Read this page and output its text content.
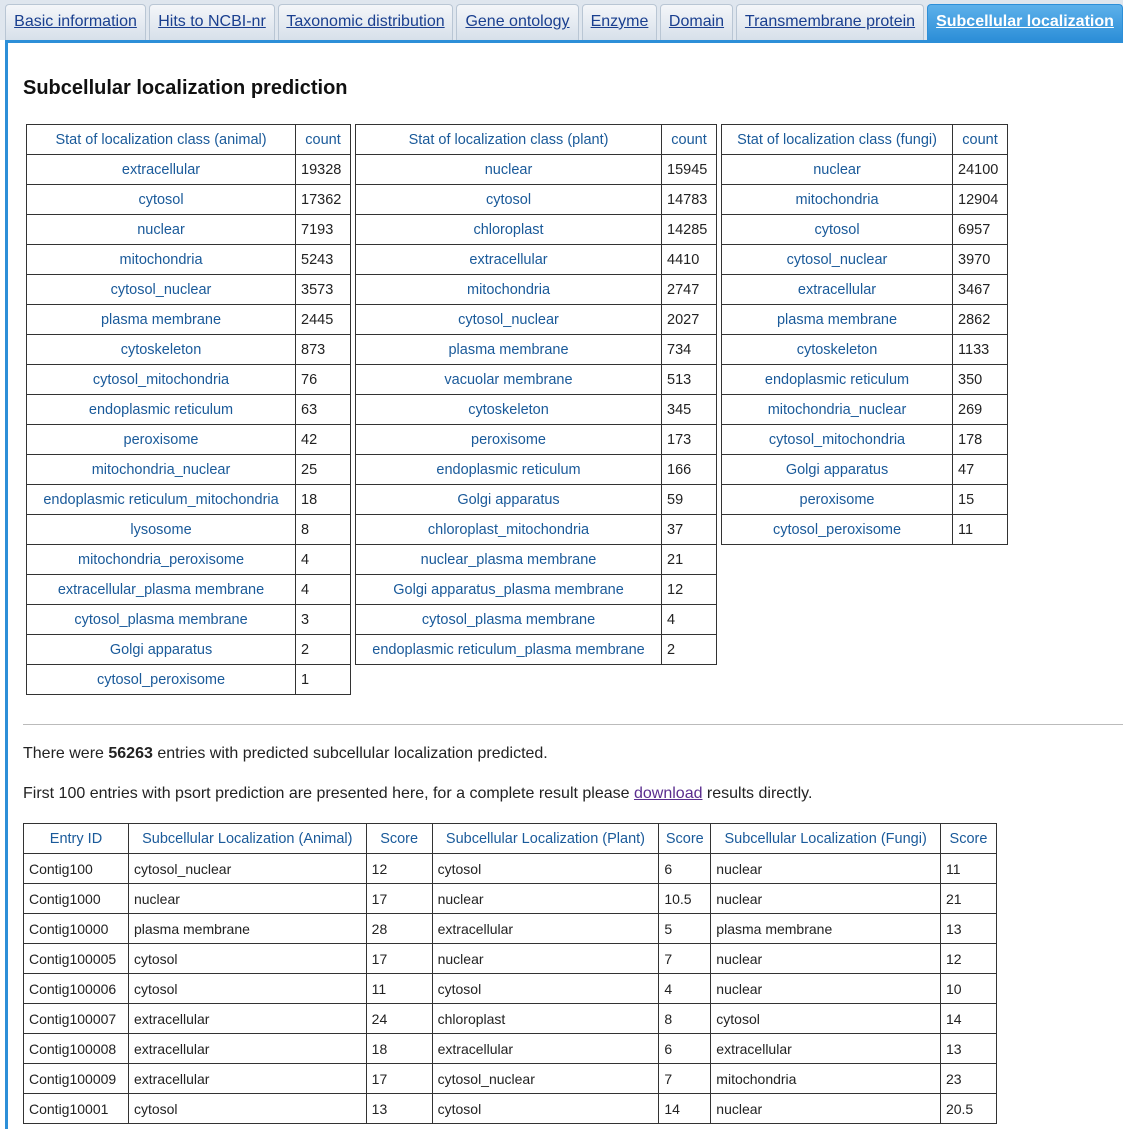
Basic information	Hits to NCBI-nr	Taxonomic distribution	Gene ontology	Enzyme	Domain	Transmembrane protein	Subcellular localization
Subcellular localization prediction
Stat of localization class (animal)	count
extracellular	19328
cytosol	17362
nuclear	7193
mitochondria	5243
cytosol_nuclear	3573
plasma membrane	2445
cytoskeleton	873
cytosol_mitochondria	76
endoplasmic reticulum	63
peroxisome	42
mitochondria_nuclear	25
endoplasmic reticulum_mitochondria	18
lysosome	8
mitochondria_peroxisome	4
extracellular_plasma membrane	4
cytosol_plasma membrane	3
Golgi apparatus	2
cytosol_peroxisome	1
Stat of localization class (plant)	count
nuclear	15945
cytosol	14783
chloroplast	14285
extracellular	4410
mitochondria	2747
cytosol_nuclear	2027
plasma membrane	734
vacuolar membrane	513
cytoskeleton	345
peroxisome	173
endoplasmic reticulum	166
Golgi apparatus	59
chloroplast_mitochondria	37
nuclear_plasma membrane	21
Golgi apparatus_plasma membrane	12
cytosol_plasma membrane	4
endoplasmic reticulum_plasma membrane	2
Stat of localization class (fungi)	count
nuclear	24100
mitochondria	12904
cytosol	6957
cytosol_nuclear	3970
extracellular	3467
plasma membrane	2862
cytoskeleton	1133
endoplasmic reticulum	350
mitochondria_nuclear	269
cytosol_mitochondria	178
Golgi apparatus	47
peroxisome	15
cytosol_peroxisome	11
There were 56263 entries with predicted subcellular localization predicted.
First 100 entries with psort prediction are presented here, for a complete result please download results directly.
Entry ID	Subcellular Localization (Animal)	Score	Subcellular Localization (Plant)	Score	Subcellular Localization (Fungi)	Score
Contig100	cytosol_nuclear	12	cytosol	6	nuclear	11
Contig1000	nuclear	17	nuclear	10.5	nuclear	21
Contig10000	plasma membrane	28	extracellular	5	plasma membrane	13
Contig100005	cytosol	17	nuclear	7	nuclear	12
Contig100006	cytosol	11	cytosol	4	nuclear	10
Contig100007	extracellular	24	chloroplast	8	cytosol	14
Contig100008	extracellular	18	extracellular	6	extracellular	13
Contig100009	extracellular	17	cytosol_nuclear	7	mitochondria	23
Contig10001	cytosol	13	cytosol	14	nuclear	20.5
